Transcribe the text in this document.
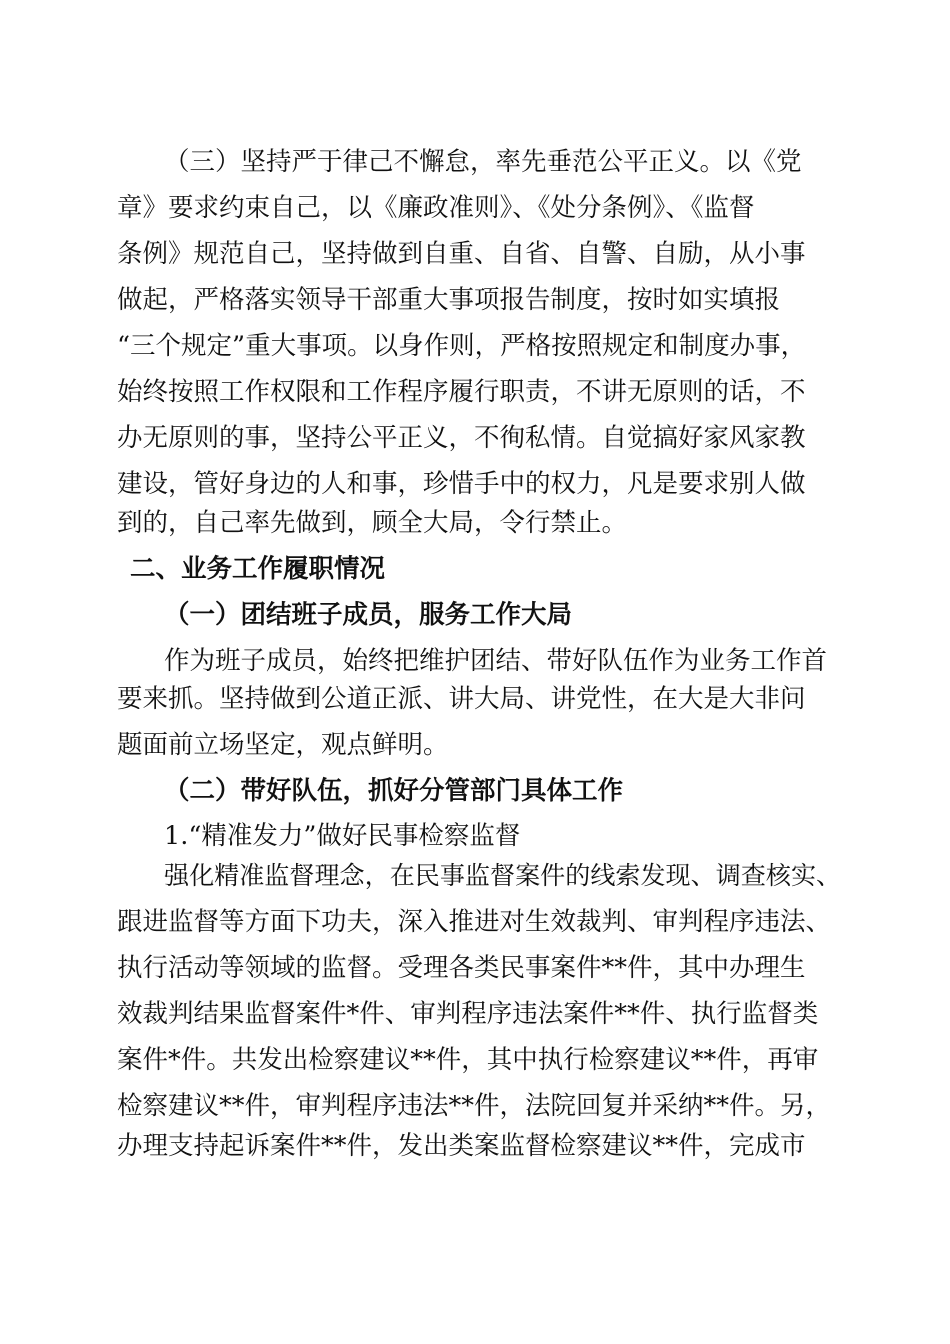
（三）坚持严于律己不懈怠，率先垂范公平正义。以《党
章》要求约束自己，以《廉政准则》、《处分条例》、《监督
条例》规范自己，坚持做到自重、自省、自警、自励，从小事
做起，严格落实领导干部重大事项报告制度，按时如实填报
“三个规定”重大事项。以身作则，严格按照规定和制度办事，
始终按照工作权限和工作程序履行职责，不讲无原则的话，不
办无原则的事，坚持公平正义，不徇私情。自觉搞好家风家教
建设，管好身边的人和事，珍惜手中的权力，凡是要求别人做
到的，自己率先做到，顾全大局，令行禁止。
二、业务工作履职情况
（一）团结班子成员，服务工作大局
作为班子成员，始终把维护团结、带好队伍作为业务工作首
要来抓。坚持做到公道正派、讲大局、讲党性，在大是大非问
题面前立场坚定，观点鲜明。
（二）带好队伍，抓好分管部门具体工作
1.“精准发力”做好民事检察监督
强化精准监督理念，在民事监督案件的线索发现、调查核实、
跟进监督等方面下功夫，深入推进对生效裁判、审判程序违法、
执行活动等领域的监督。受理各类民事案件**件，其中办理生
效裁判结果监督案件*件、审判程序违法案件**件、执行监督类
案件*件。共发出检察建议**件，其中执行检察建议**件，再审
检察建议**件，审判程序违法**件，法院回复并采纳**件。另，
办理支持起诉案件**件，发出类案监督检察建议**件，完成市
